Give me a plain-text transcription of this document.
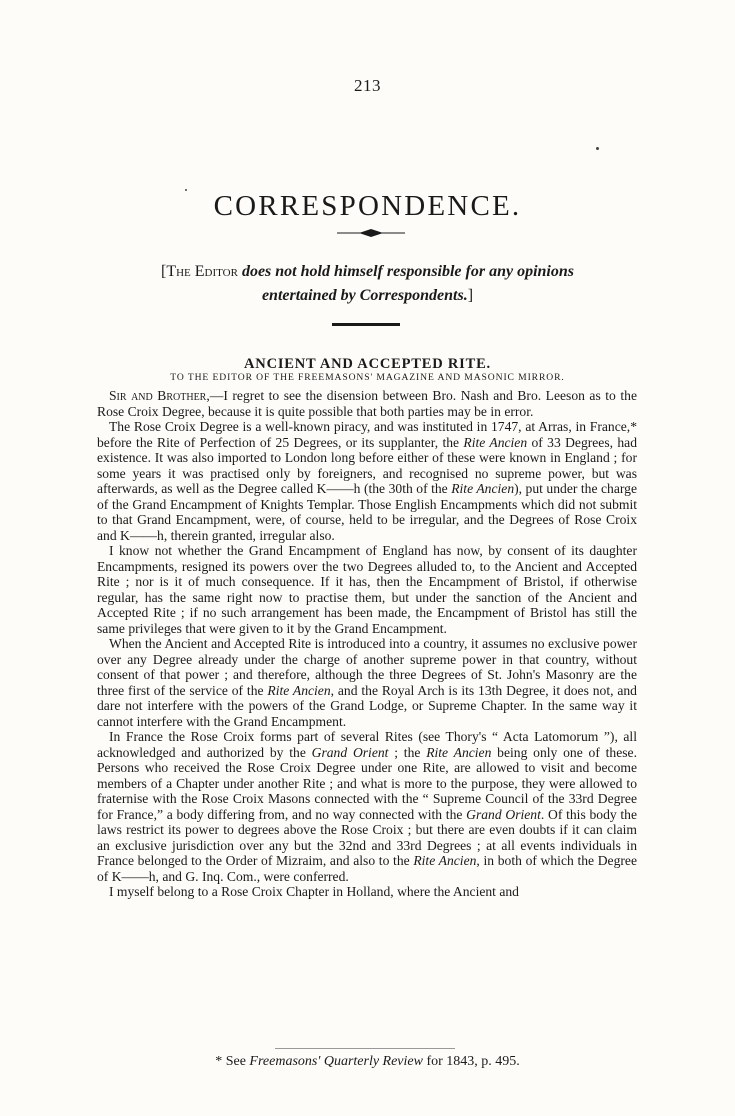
213
CORRESPONDENCE.
[The Editor does not hold himself responsible for any opinions
entertained by Correspondents.]
ANCIENT AND ACCEPTED RITE.
TO THE EDITOR OF THE FREEMASONS' MAGAZINE AND MASONIC MIRROR.

Sir and Brother,—I regret to see the disension between Bro. Nash and Bro. Leeson as to the Rose Croix Degree, because it is quite possible that both parties may be in error.

The Rose Croix Degree is a well-known piracy, and was instituted in 1747, at Arras, in France,* before the Rite of Perfection of 25 Degrees, or its supplanter, the Rite Ancien of 33 Degrees, had existence. It was also imported to London long before either of these were known in England ; for some years it was practised only by foreigners, and recognised no supreme power, but was afterwards, as well as the Degree called K——h (the 30th of the Rite Ancien), put under the charge of the Grand Encampment of Knights Templar. Those English Encampments which did not submit to that Grand Encampment, were, of course, held to be irregular, and the Degrees of Rose Croix and K——h, therein granted, irregular also.

I know not whether the Grand Encampment of England has now, by consent of its daughter Encampments, resigned its powers over the two Degrees alluded to, to the Ancient and Accepted Rite ; nor is it of much consequence. If it has, then the Encampment of Bristol, if otherwise regular, has the same right now to practise them, but under the sanction of the Ancient and Accepted Rite ; if no such arrangement has been made, the Encampment of Bristol has still the same privileges that were given to it by the Grand Encampment.

When the Ancient and Accepted Rite is introduced into a country, it assumes no exclusive power over any Degree already under the charge of another supreme power in that country, without consent of that power ; and therefore, although the three Degrees of St. John's Masonry are the three first of the service of the Rite Ancien, and the Royal Arch is its 13th Degree, it does not, and dare not interfere with the powers of the Grand Lodge, or Supreme Chapter. In the same way it cannot interfere with the Grand Encampment.

In France the Rose Croix forms part of several Rites (see Thory's “ Acta Latomorum ”), all acknowledged and authorized by the Grand Orient ; the Rite Ancien being only one of these. Persons who received the Rose Croix Degree under one Rite, are allowed to visit and become members of a Chapter under another Rite ; and what is more to the purpose, they were allowed to fraternise with the Rose Croix Masons connected with the “ Supreme Council of the 33rd Degree for France,” a body differing from, and no way connected with the Grand Orient. Of this body the laws restrict its power to degrees above the Rose Croix ; but there are even doubts if it can claim an exclusive jurisdiction over any but the 32nd and 33rd Degrees ; at all events individuals in France belonged to the Order of Mizraim, and also to the Rite Ancien, in both of which the Degree of K——h, and G. Inq. Com., were conferred.

I myself belong to a Rose Croix Chapter in Holland, where the Ancient and

* See Freemasons' Quarterly Review for 1843, p. 495.
